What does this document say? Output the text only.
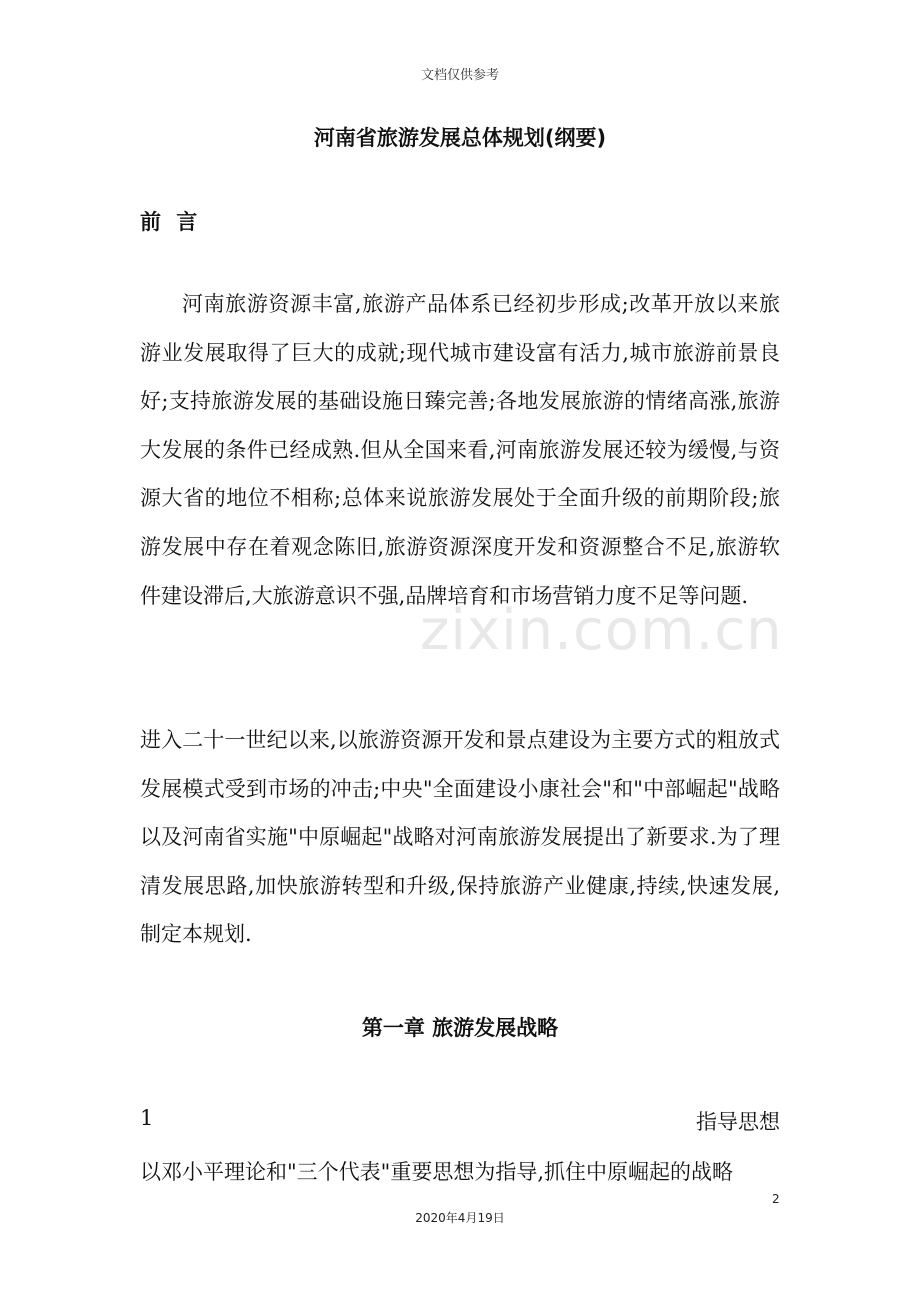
文档仅供参考
河南省旅游发展总体规划(纲要)
前 言

河南旅游资源丰富,旅游产品体系已经初步形成;改革开放以来旅游业发展取得了巨大的成就;现代城市建设富有活力,城市旅游前景良好;支持旅游发展的基础设施日臻完善;各地发展旅游的情绪高涨,旅游大发展的条件已经成熟.但从全国来看,河南旅游发展还较为缓慢,与资源大省的地位不相称;总体来说旅游发展处于全面升级的前期阶段;旅游发展中存在着观念陈旧,旅游资源深度开发和资源整合不足,旅游软件建设滞后,大旅游意识不强,品牌培育和市场营销力度不足等问题.

进入二十一世纪以来,以旅游资源开发和景点建设为主要方式的粗放式发展模式受到市场的冲击;中央"全面建设小康社会"和"中部崛起"战略以及河南省实施"中原崛起"战略对河南旅游发展提出了新要求.为了理清发展思路,加快旅游转型和升级,保持旅游产业健康,持续,快速发展,制定本规划.

第一章 旅游发展战略
1	指导思想
以邓小平理论和"三个代表"重要思想为指导,抓住中原崛起的战略
zixin.com.cn
2
2020年4月19日
